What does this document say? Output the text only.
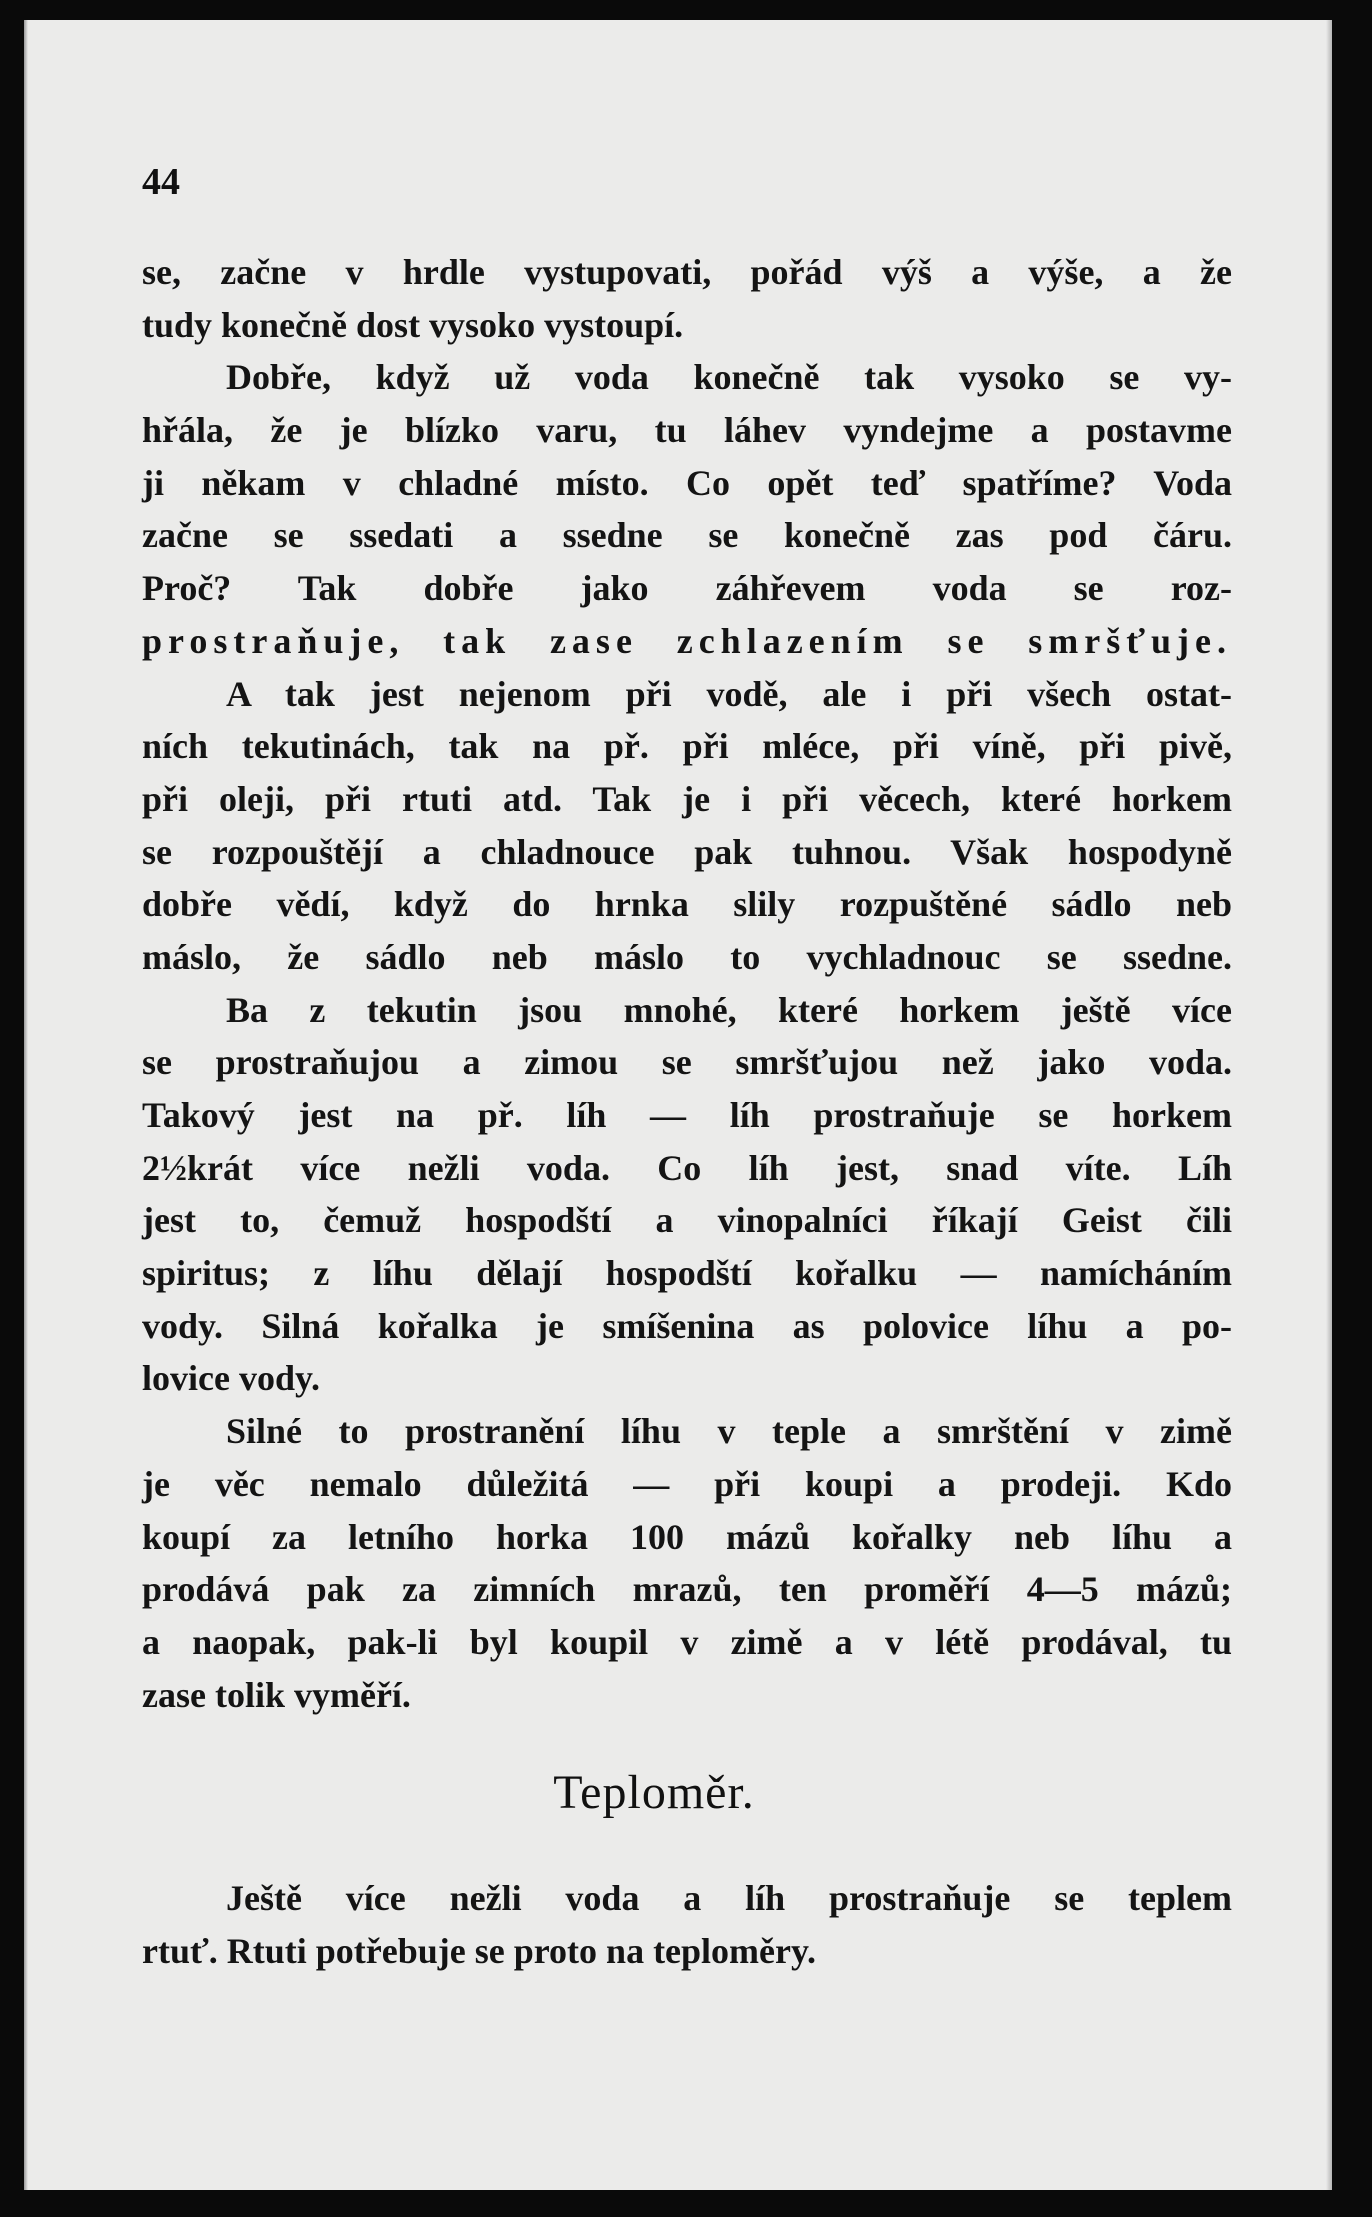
44
se, začne v hrdle vystupovati, pořád výš a výše, a že
tudy konečně dost vysoko vystoupí.
Dobře, když už voda konečně tak vysoko se vy-
hřála, že je blízko varu, tu láhev vyndejme a postavme
ji někam v chladné místo. Co opět teď spatříme? Voda
začne se ssedati a ssedne se konečně zas pod čáru.
Proč? Tak dobře jako záhřevem voda se roz-
prostraňuje, tak zase zchlazením se smršťuje.
A tak jest nejenom při vodě, ale i při všech ostat-
ních tekutinách, tak na př. při mléce, při víně, při pivě,
při oleji, při rtuti atd. Tak je i při věcech, které horkem
se rozpouštějí a chladnouce pak tuhnou. Však hospodyně
dobře vědí, když do hrnka slily rozpuštěné sádlo neb
máslo, že sádlo neb máslo to vychladnouc se ssedne.
Ba z tekutin jsou mnohé, které horkem ještě více
se prostraňujou a zimou se smršťujou než jako voda.
Takový jest na př. líh — líh prostraňuje se horkem
2½krát více nežli voda. Co líh jest, snad víte. Líh
jest to, čemuž hospodští a vinopalníci říkají Geist čili
spiritus; z líhu dělají hospodští kořalku — namícháním
vody. Silná kořalka je smíšenina as polovice líhu a po-
lovice vody.
Silné to prostranění líhu v teple a smrštění v zimě
je věc nemalo důležitá — při koupi a prodeji. Kdo
koupí za letního horka 100 mázů kořalky neb líhu a
prodává pak za zimních mrazů, ten proměří 4—5 mázů;
a naopak, pak-li byl koupil v zimě a v létě prodával, tu
zase tolik vyměří.
Teploměr.
Ještě více nežli voda a líh prostraňuje se teplem
rtuť. Rtuti potřebuje se proto na teploměry.
